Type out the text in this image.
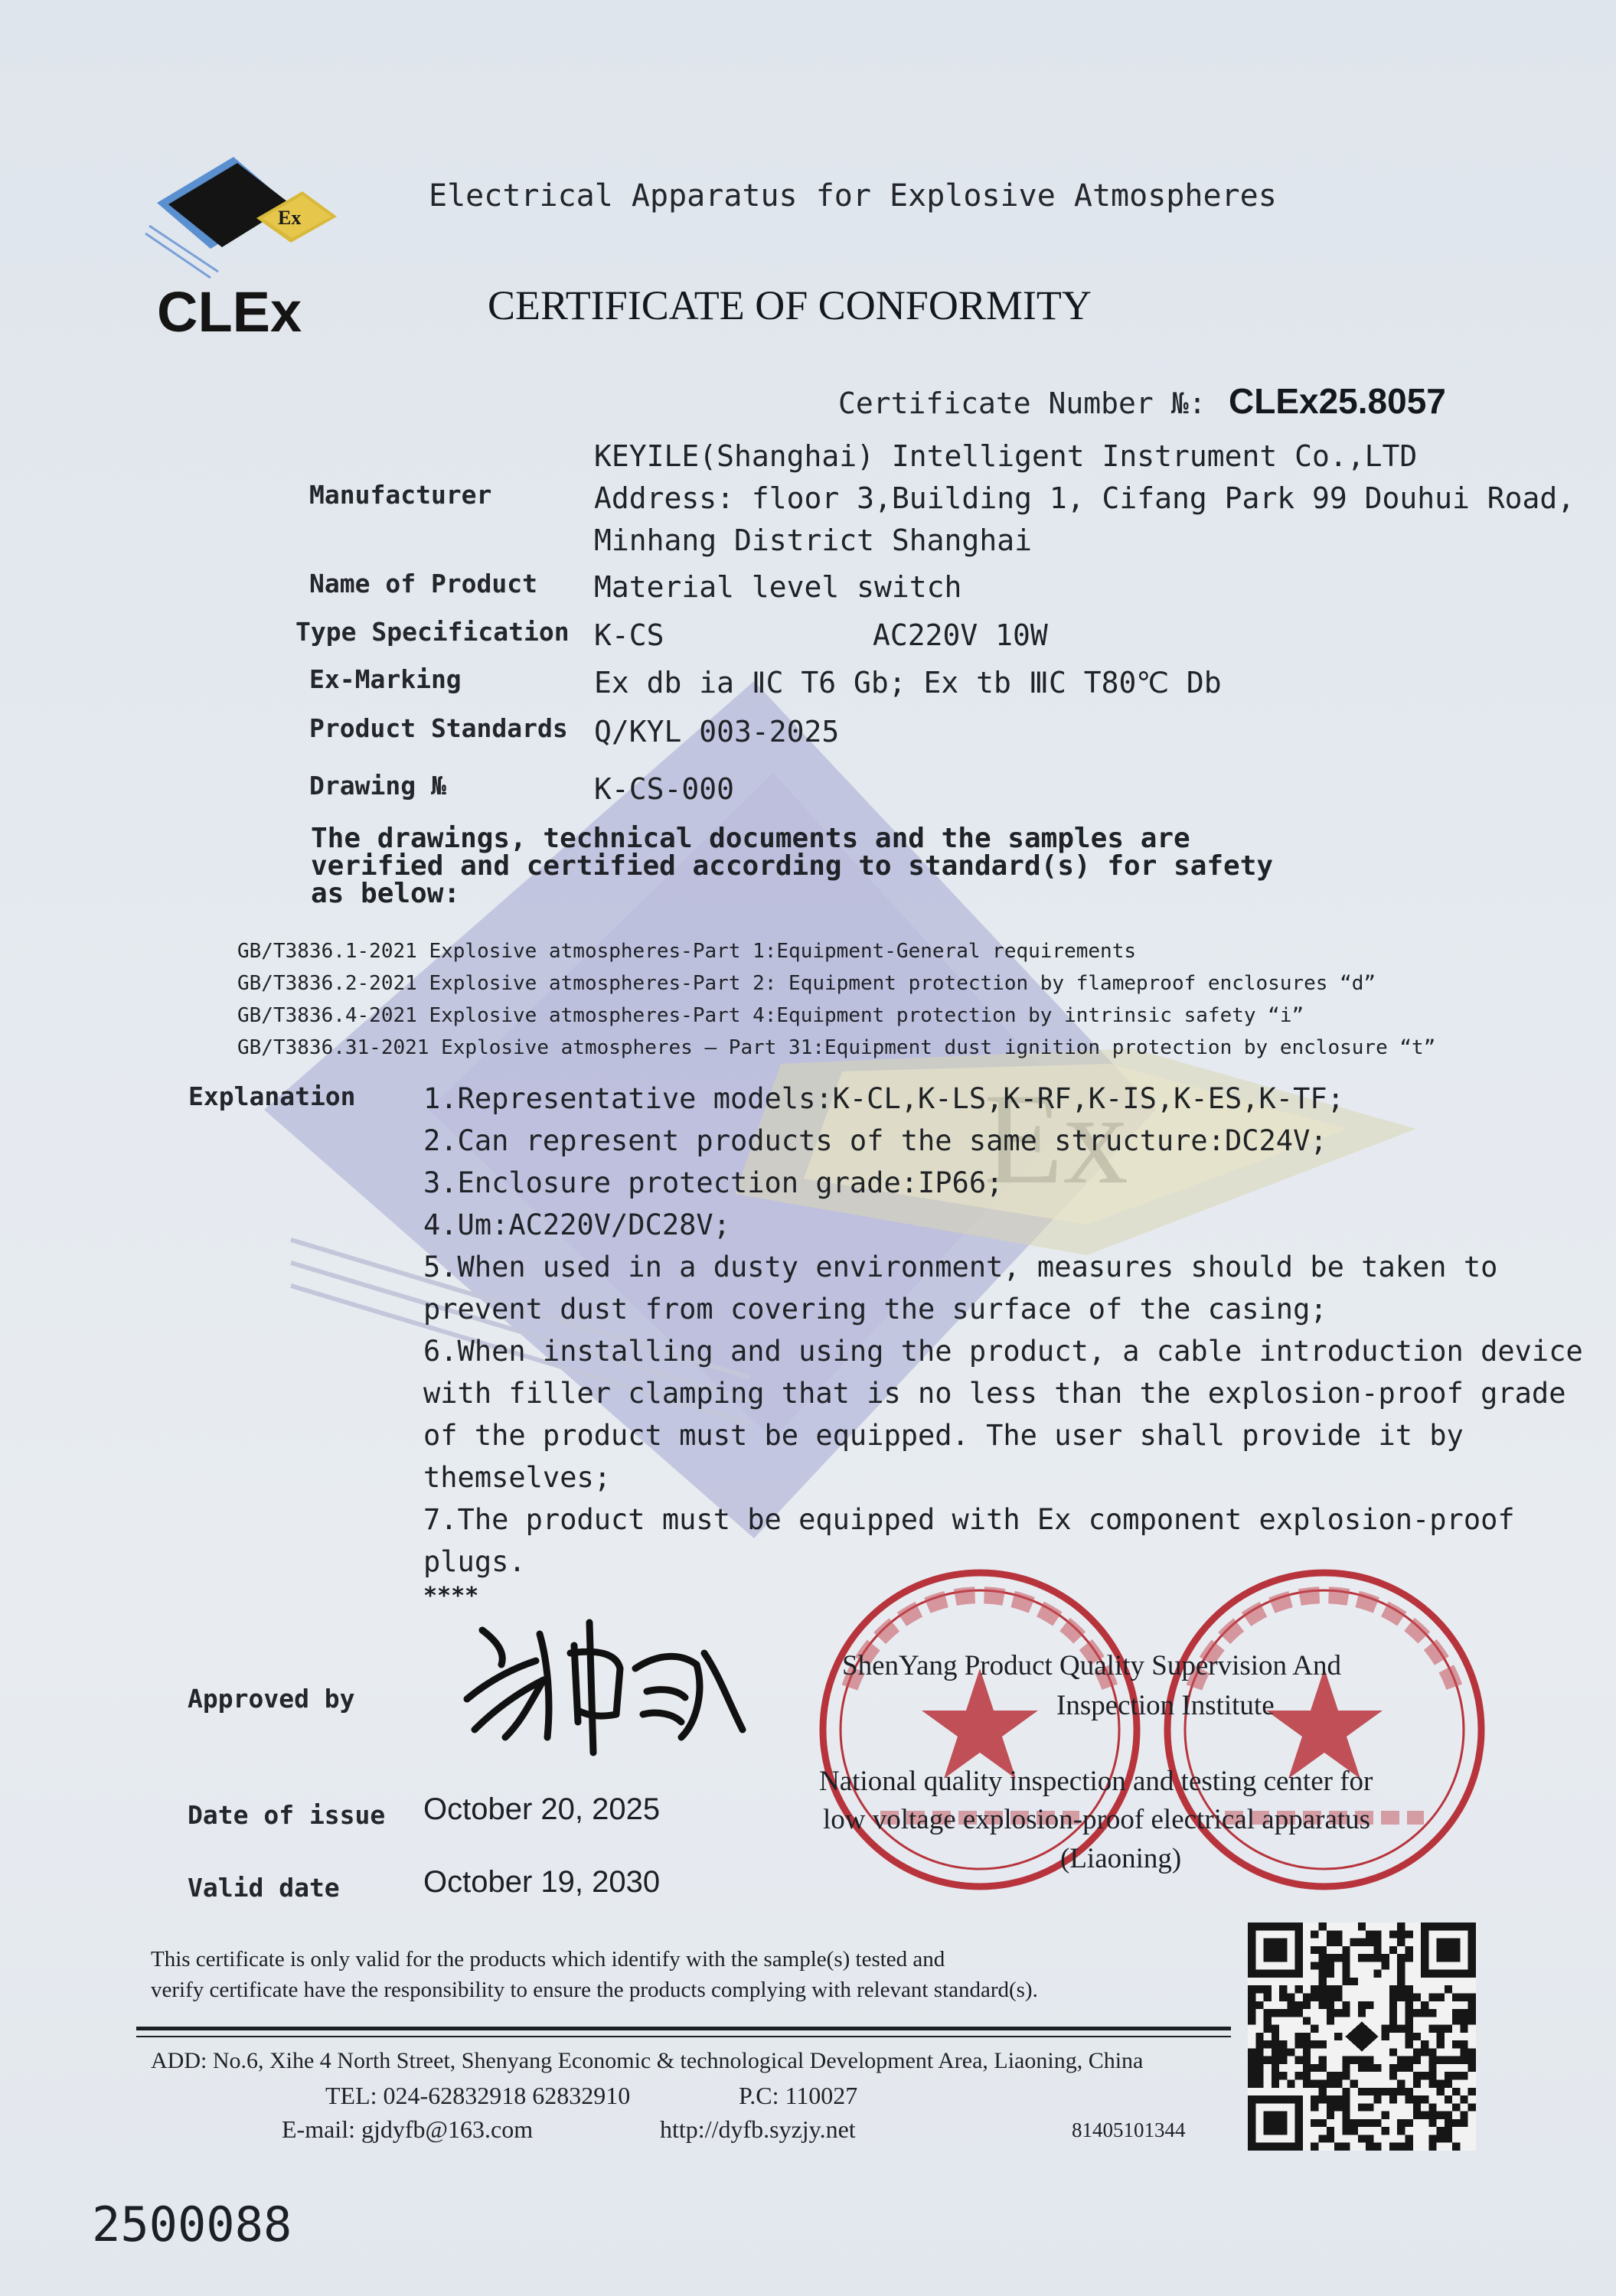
Ex
Ex
CLEx
Electrical Apparatus for Explosive Atmospheres
CERTIFICATE OF CONFORMITY
Certificate Number №: CLEx25.8057
KEYILE(Shanghai) Intelligent Instrument Co.,LTD
Manufacturer	Address: floor 3,Building 1, Cifang Park 99 Douhui Road,
Minhang District Shanghai
Name of Product Material level switch
Type Specification K-CS	AC220V 10W
Ex-Marking	Ex db ia ⅡC T6 Gb; Ex tb ⅢC T80℃ Db
Product Standards Q/KYL 003-2025
Drawing №	K-CS-000
The drawings, technical documents and the samples are
verified and certified according to standard(s) for safety
as below:
GB/T3836.1-2021 Explosive atmospheres-Part 1:Equipment-General requirements
GB/T3836.2-2021 Explosive atmospheres-Part 2: Equipment protection by flameproof enclosures “d”
GB/T3836.4-2021 Explosive atmospheres-Part 4:Equipment protection by intrinsic safety “i”
GB/T3836.31-2021 Explosive atmospheres — Part 31:Equipment dust ignition protection by enclosure “t”
Explanation 1.Representative models:K-CL,K-LS,K-RF,K-IS,K-ES,K-TF;
2.Can represent products of the same structure:DC24V;
3.Enclosure protection grade:IP66;
4.Um:AC220V/DC28V;
5.When used in a dusty environment, measures should be taken to
prevent dust from covering the surface of the casing;
6.When installing and using the product, a cable introduction device
with filler clamping that is no less than the explosion-proof grade
of the product must be equipped. The user shall provide it by
themselves;
7.The product must be equipped with Ex component explosion-proof
plugs.
****
Approved by
Date of issue October 20, 2025
Valid date	October 19, 2030
ShenYang Product Quality Supervision And
Inspection Institute
National quality inspection and testing center for
low voltage explosion-proof electrical apparatus
(Liaoning)
This certificate is only valid for the products which identify with the sample(s) tested and
verify certificate have the responsibility to ensure the products complying with relevant standard(s).
ADD: No.6, Xihe 4 North Street, Shenyang Economic & technological Development Area, Liaoning, China
TEL: 024-62832918 62832910	P.C: 110027
E-mail: gjdyfb@163.com	http://dyfb.syzjy.net	81405101344
2500088
